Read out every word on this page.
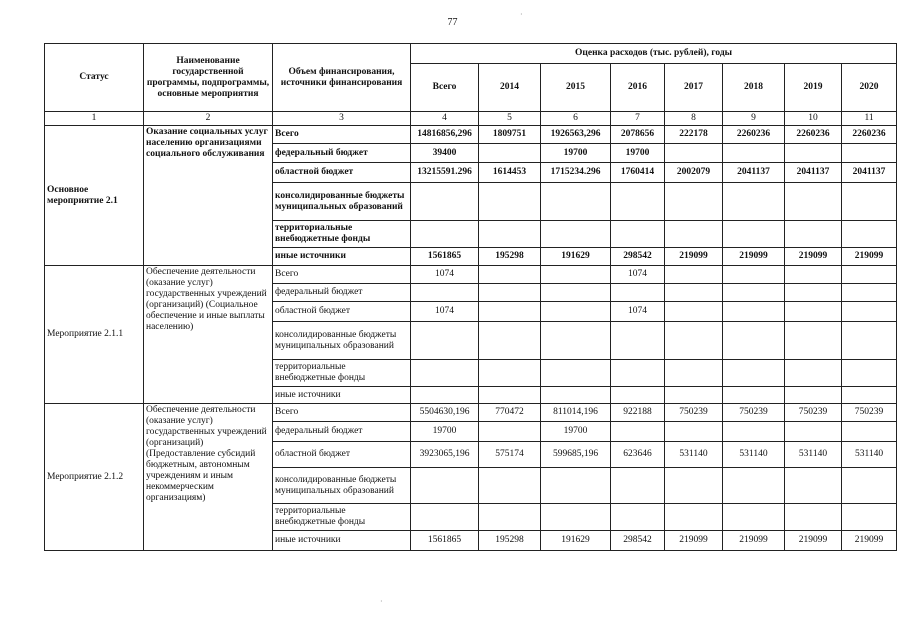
77
Статус	Наименование государственной программы, подпрограммы, основные мероприятия	Объем финансирования, источники финансирования	Оценка расходов (тыс. рублей), годы							
			Всего	2014	2015	2016	2017	2018	2019	2020
1	2	3	4	5	6	7	8	9	10	11
Основное мероприятие 2.1	Оказание социальных услуг населению организациями социального обслуживания	Всего	14816856,296	1809751	1926563,296	2078656	222178	2260236	2260236	2260236
		федеральный бюджет	39400		19700	19700				
		областной бюджет	13215591.296	1614453	1715234.296	1760414	2002079	2041137	2041137	2041137
		консолидированные бюджеты муниципальных образований								
		территориальные внебюджетные фонды								
		иные источники	1561865	195298	191629	298542	219099	219099	219099	219099
Мероприятие 2.1.1	Обеспечение деятельности (оказание услуг) государственных учреждений (организаций) (Социальное обеспечение и иные выплаты населению)	Всего	1074			1074				
		федеральный бюджет								
		областной бюджет	1074			1074				
		консолидированные бюджеты муниципальных образований								
		территориальные внебюджетные фонды								
		иные источники								
Мероприятие 2.1.2	Обеспечение деятельности (оказание услуг) государственных учреждений (организаций) (Предоставление субсидий бюджетным, автономным учреждениям и иным некоммерческим организациям)	Всего	5504630,196	770472	811014,196	922188	750239	750239	750239	750239
		федеральный бюджет	19700		19700					
		областной бюджет	3923065,196	575174	599685,196	623646	531140	531140	531140	531140
		консолидированные бюджеты муниципальных образований								
		территориальные внебюджетные фонды								
		иные источники	1561865	195298	191629	298542	219099	219099	219099	219099
·
·
